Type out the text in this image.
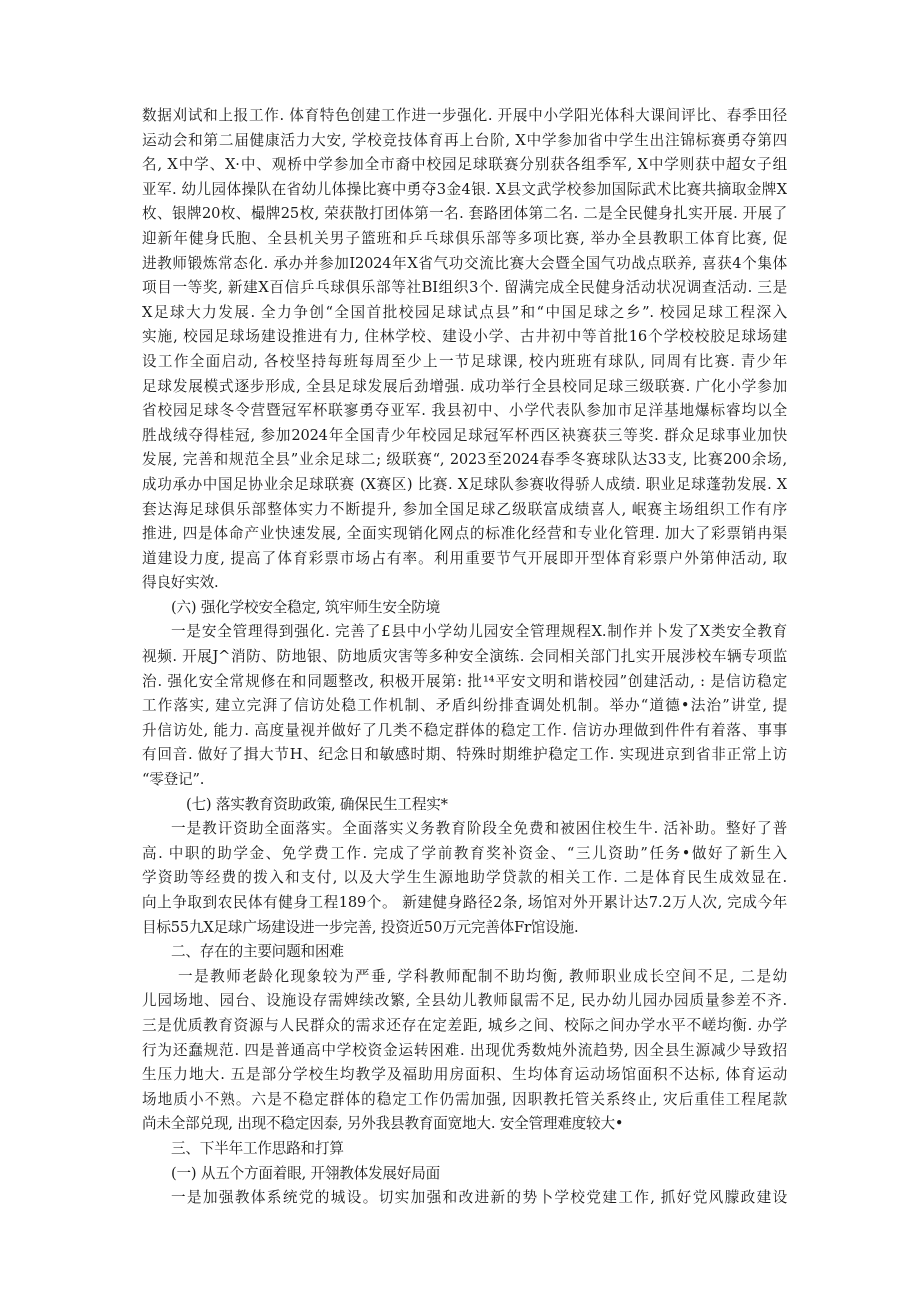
数据刈试和上报工作. 体育特色创建工作进一步强化. 开展中小学阳光体科大课间评比、春季田径
运动会和第二届健康活力大安, 学校竞技体育再上台阶, X中学参加省中学生出注锦标赛勇夺第四
名, X中学、X·中、观桥中学参加全市裔中校园足球联赛分别获各组季军, X中学则获中超女子组
亚军. 幼儿园体操队在省幼儿体操比赛中勇夺3金4银. X县文武学校参加国际武术比赛共摘取金牌X
枚、银牌20枚、樶牌25枚, 荣获散打团体第一名. 套路团体第二名. 二是全民健身扎实开展. 开展了
迎新年健身氏胞、全县机关男子篮班和乒乓球俱乐部等多项比赛, 举办全县教职工体育比赛, 促
进教师锻炼常态化. 承办并参加I2024年X省气功交流比赛大会暨全国气功战点联养, 喜获4个集体
项目一等奖, 新建X百信乒乓球俱乐部等社BI组织3个. 留满完成全民健身活动状况调查活动. 三是
X足球大力发展. 全力争创“全国首批校园足球试点县”和“中国足球之乡”. 校园足球工程深入
实施, 校园足球场建设推进有力, 住林学校、建设小学、古井初中等首批16个学校校胶足球场建
设工作全面启动, 各校坚持每班每周至少上一节足球课, 校内班班有球队, 同周有比赛. 青少年
足球发展模式逐步形成, 全县足球发展后劲增强. 成功举行全县校同足球三级联赛. 广化小学参加
省校园足球冬令营暨冠军杯联寥勇夺亚军. 我县初中、小学代表队参加市足洋基地爆标睿均以全
胜战绒夺得桂冠, 参加2024年全国青少年校园足球冠军杯西区袂赛获三等奖. 群众足球事业加快
发展, 完善和规范全县”业余足球二; 级联赛“, 2023至2024春季冬赛球队达33支, 比赛200余场,
成功承办中国足协业余足球联赛 (X赛区) 比赛. X足球队参赛收得骄人成绩. 职业足球蓬勃发展. X
套达海足球俱乐部整体实力不断提升, 参加全国足球乙级联富成绩喜人, 岷赛主场组织工作有序
推进, 四是体命产业快速发展, 全面实现销化网点的标准化经营和专业化管理. 加大了彩票销冉渠
道建设力度, 提高了体育彩票市场占有率。利用重要节气开展即开型体育彩票户外第伸活动, 取
得良好实效.
(六) 强化学校安全稳定, 筑牢师生安全防境
一是安全管理得到强化. 完善了£县中小学幼儿园安全管理规程X.制作并卜发了X类安全教育
视频. 开展J^消防、防地银、防地质灾害等多种安全演练. 会同相关部门扎实开展涉校车辆专项监
治. 强化安全常规修在和同题整改, 积极开展第: 批¹⁴平安文明和谐校园”创建活动, : 是信访稳定
工作落实, 建立完湃了信访处稳工作机制、矛盾纠纷排査调处机制。举办“道德•法治”讲堂, 提
升信访处, 能力. 高度量视并做好了几类不稳定群体的稳定工作. 信访办理做到件件有着落、事事
有回音. 做好了揖大节H、纪念日和敏感时期、特殊时期维护稳定工作. 实现进京到省非正常上访
“零登记”.
(七) 落实教育资助政策, 确保民生工程实*
一是教讦资助全面落实。全面落实义务教育阶段全免费和被困住校生牛. 活补助。整好了普
高. 中职的助学金、免学费工作. 完成了学前教育奖补资金、“三儿资助”任务•做好了新生入
学资助等经费的拨入和支付, 以及大学生生源地助学贷款的相关工作. 二是体育民生成效显在.
向上争取到农民体有健身工程189个。 新建健身路径2条, 场馆对外开累计达7.2万人次, 完成今年
目标55九X足球广场建设进一步完善, 投资近50万元完善体Fr馆设施.
二、存在的主要问题和困难
一是教师老龄化现象较为严垂, 学科教师配制不助均衡, 教师职业成长空间不足, 二是幼
儿园场地、园台、设施设存需婢续改繁, 全县幼儿教师鼠需不足, 民办幼儿园办园质量参差不齐.
三是优质教育资源与人民群众的需求还存在定差距, 城乡之间、校际之间办学水平不嵯均衡. 办学
行为还蠢规范. 四是普通高中学校资金运转困难. 出现优秀数炖外流趋势, 因全县生源减少导致招
生压力地大. 五是部分学校生均教学及福助用房面积、生均体育运动场馆面积不达标, 体育运动
场地质小不熟。六是不稳定群体的稳定工作仍需加强, 因职教托管关系终止, 灾后重佳工程尾款
尚未全部兑现, 出现不稳定因泰, 另外我县教育面宽地大. 安全管理难度较大•
三、下半年工作思路和打算
(一) 从五个方面着眼, 开翎教体发展好局面
一是加强教体系统党的城设。切实加强和改进新的势卜学校党建工作, 抓好党风朦政建设
